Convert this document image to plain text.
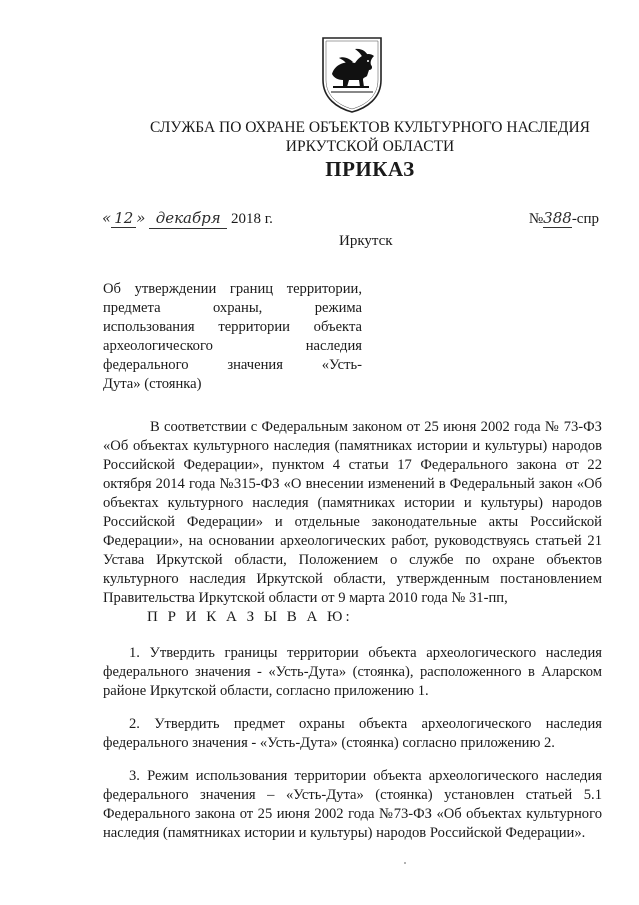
СЛУЖБА ПО ОХРАНЕ ОБЪЕКТОВ КУЛЬТУРНОГО НАСЛЕДИЯ
ИРКУТСКОЙ ОБЛАСТИ
ПРИКАЗ
« 12 » декабря 2018 г.	№388-спр
Иркутск

Об утверждении границ территории,

предмета охраны, режима

использования территории объекта

археологического наследия

федерального значения «Усть-

Дута» (стоянка)

В соответствии с Федеральным законом от 25 июня 2002 года № 73-ФЗ
«Об объектах культурного наследия (памятниках истории и культуры) народов
Российской Федерации», пунктом 4 статьи 17 Федерального закона от 22
октября 2014 года №315-ФЗ «О внесении изменений в Федеральный закон «Об
объектах культурного наследия (памятниках истории и культуры) народов
Российской Федерации» и отдельные законодательные акты Российской
Федерации», на основании археологических работ, руководствуясь статьей 21
Устава Иркутской области, Положением о службе по охране объектов
культурного наследия Иркутской области, утвержденным постановлением
Правительства Иркутской области от 9 марта 2010 года № 31-пп,
П Р И К А З Ы В А Ю:
1. Утвердить границы территории объекта археологического наследия
федерального значения - «Усть-Дута» (стоянка), расположенного в Аларском
районе Иркутской области, согласно приложению 1.
2. Утвердить предмет охраны объекта археологического наследия
федерального значения - «Усть-Дута» (стоянка) согласно приложению 2.
3. Режим использования территории объекта археологического наследия
федерального значения – «Усть-Дута» (стоянка) установлен статьей 5.1
Федерального закона от 25 июня 2002 года №73-ФЗ «Об объектах культурного
наследия (памятниках истории и культуры) народов Российской Федерации».
